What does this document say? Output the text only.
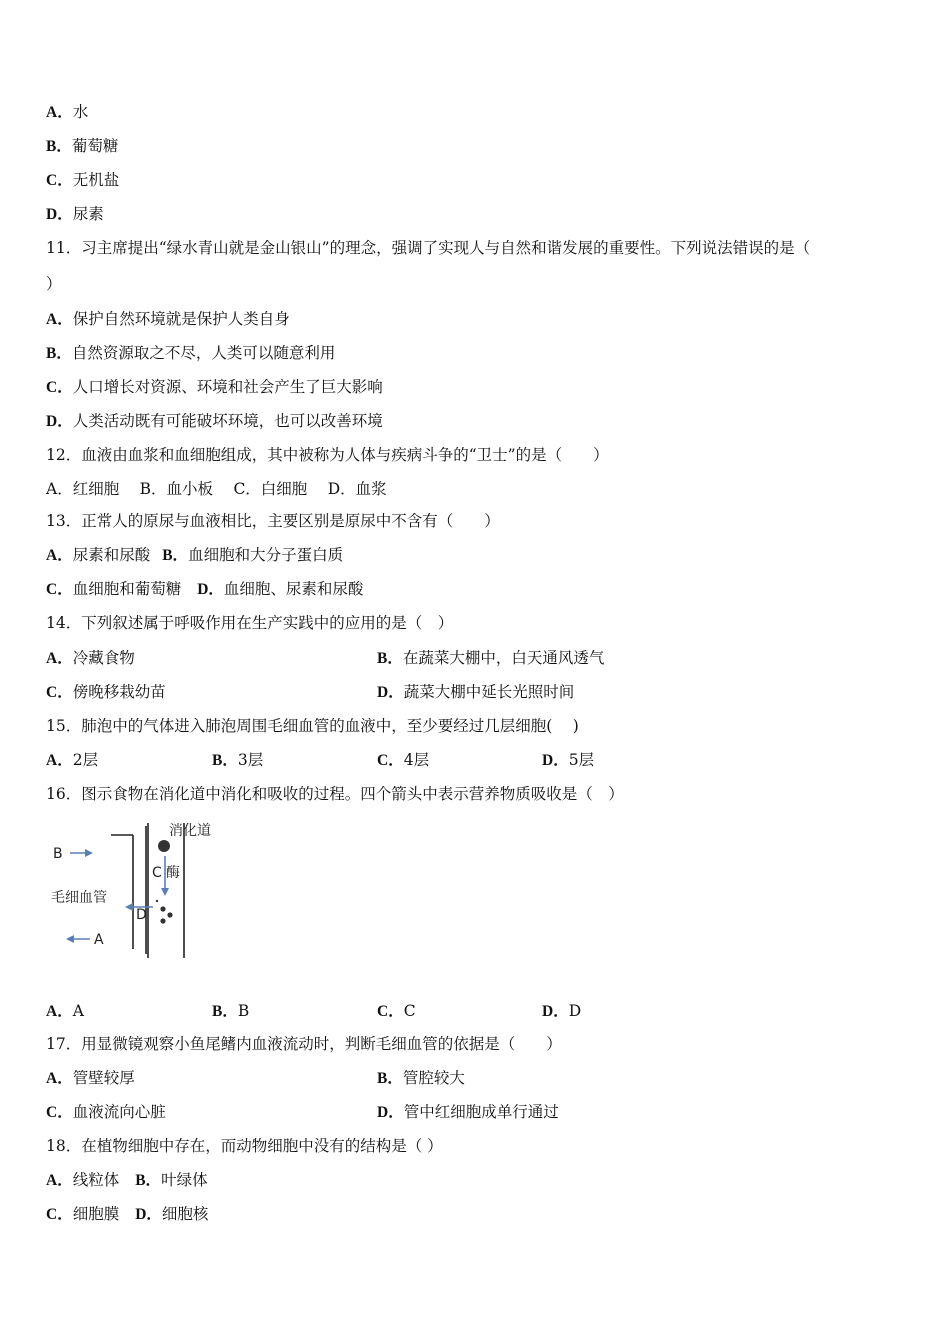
A．水
B．葡萄糖
C．无机盐
D．尿素
11．习主席提出“绿水青山就是金山银山”的理念，强调了实现人与自然和谐发展的重要性。下列说法错误的是（
）
A．保护自然环境就是保护人类自身
B．自然资源取之不尽，人类可以随意利用
C．人口增长对资源、环境和社会产生了巨大影响
D．人类活动既有可能破坏环境，也可以改善环境
12．血液由血浆和血细胞组成，其中被称为人体与疾病斗争的“卫士”的是（　　）
A．红细胞　 B．血小板　 C．白细胞　 D．血浆
13．正常人的原尿与血液相比，主要区别是原尿中不含有（　　）
A．尿素和尿酸 B．血细胞和大分子蛋白质
C．血细胞和葡萄糖 D．血细胞、尿素和尿酸
14．下列叙述属于呼吸作用在生产实践中的应用的是（　）
A．冷藏食物	B．在蔬菜大棚中，白天通风透气
C．傍晚移栽幼苗	D．蔬菜大棚中延长光照时间
15．肺泡中的气体进入肺泡周围毛细血管的血液中，至少要经过几层细胞(　 )
A．2层	B．3层	C．4层	D．5层
16．图示食物在消化道中消化和吸收的过程。四个箭头中表示营养物质吸收是（　）
消化道
B
C 酶
毛细血管
D
A
A．A	B．B	C．C	D．D
17．用显微镜观察小鱼尾鳍内血液流动时，判断毛细血管的依据是（　　）
A．管壁较厚	B．管腔较大
C．血液流向心脏	D．管中红细胞成单行通过
18．在植物细胞中存在，而动物细胞中没有的结构是（ ）
A．线粒体 B．叶绿体
C．细胞膜 D．细胞核
